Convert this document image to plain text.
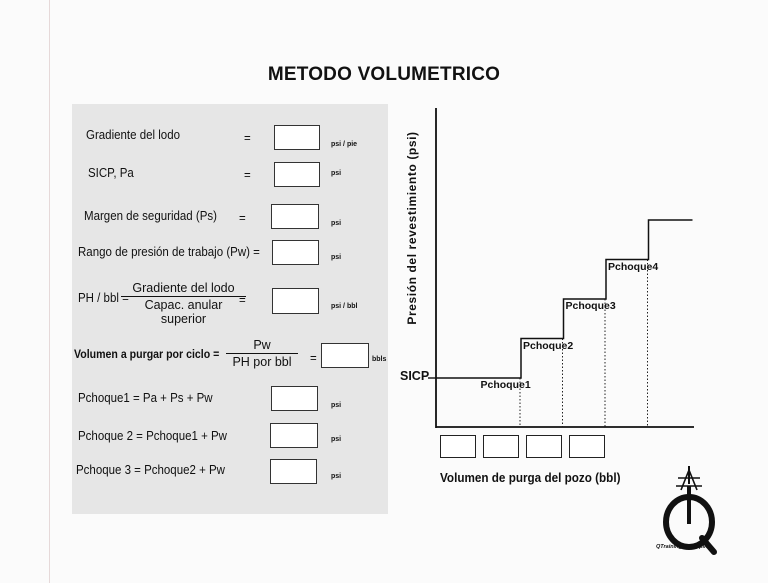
METODO VOLUMETRICO
Gradiente del lodo	=	psi / pie
SICP, Pa	=	psi
Margen de seguridad (Ps) =	psi
Rango de presión de trabajo (Pw) =	psi
PH / bbl =
Gradiente del lodo
Capac. anular superior
=	psi / bbl
Volumen a purgar por ciclo =
Pw
PH por bbl	=	bbls
Pchoque1 = Pa + Ps + Pw
psi
Pchoque 2 = Pchoque1 + Pw	psi
Pchoque 3 = Pchoque2 + Pw	psi
Presión del revestimiento (psi)
SICP
Volumen de purga del pozo (bbl)
Pchoque1
Pchoque2
Pchoque3
Pchoque4
QTraining & Supplies
